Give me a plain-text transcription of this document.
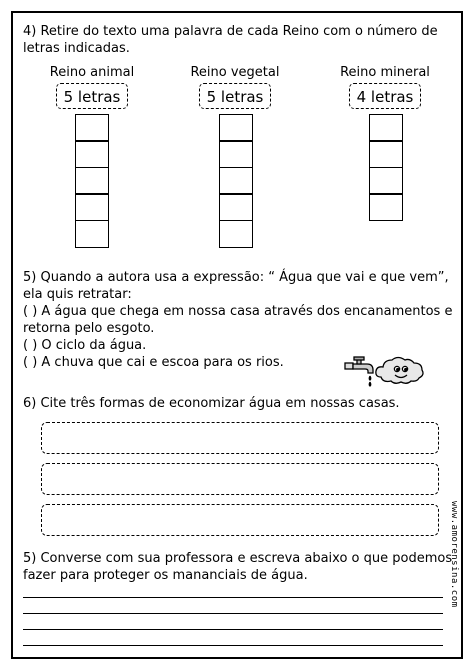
4) Retire do texto uma palavra de cada Reino com o número de
letras indicadas.
Reino animal
5 letras
Reino vegetal
5 letras
Reino mineral
4 letras
5) Quando a autora usa a expressão: “ Água que vai e que vem”,
ela quis retratar:
( ) A água que chega em nossa casa através dos encanamentos e
retorna pelo esgoto.
( ) O ciclo da água.
( ) A chuva que cai e escoa para os rios.
6) Cite três formas de economizar água em nossas casas.
5) Converse com sua professora e escreva abaixo o que podemos
fazer para proteger os mananciais de água.	www.amorensina.com
